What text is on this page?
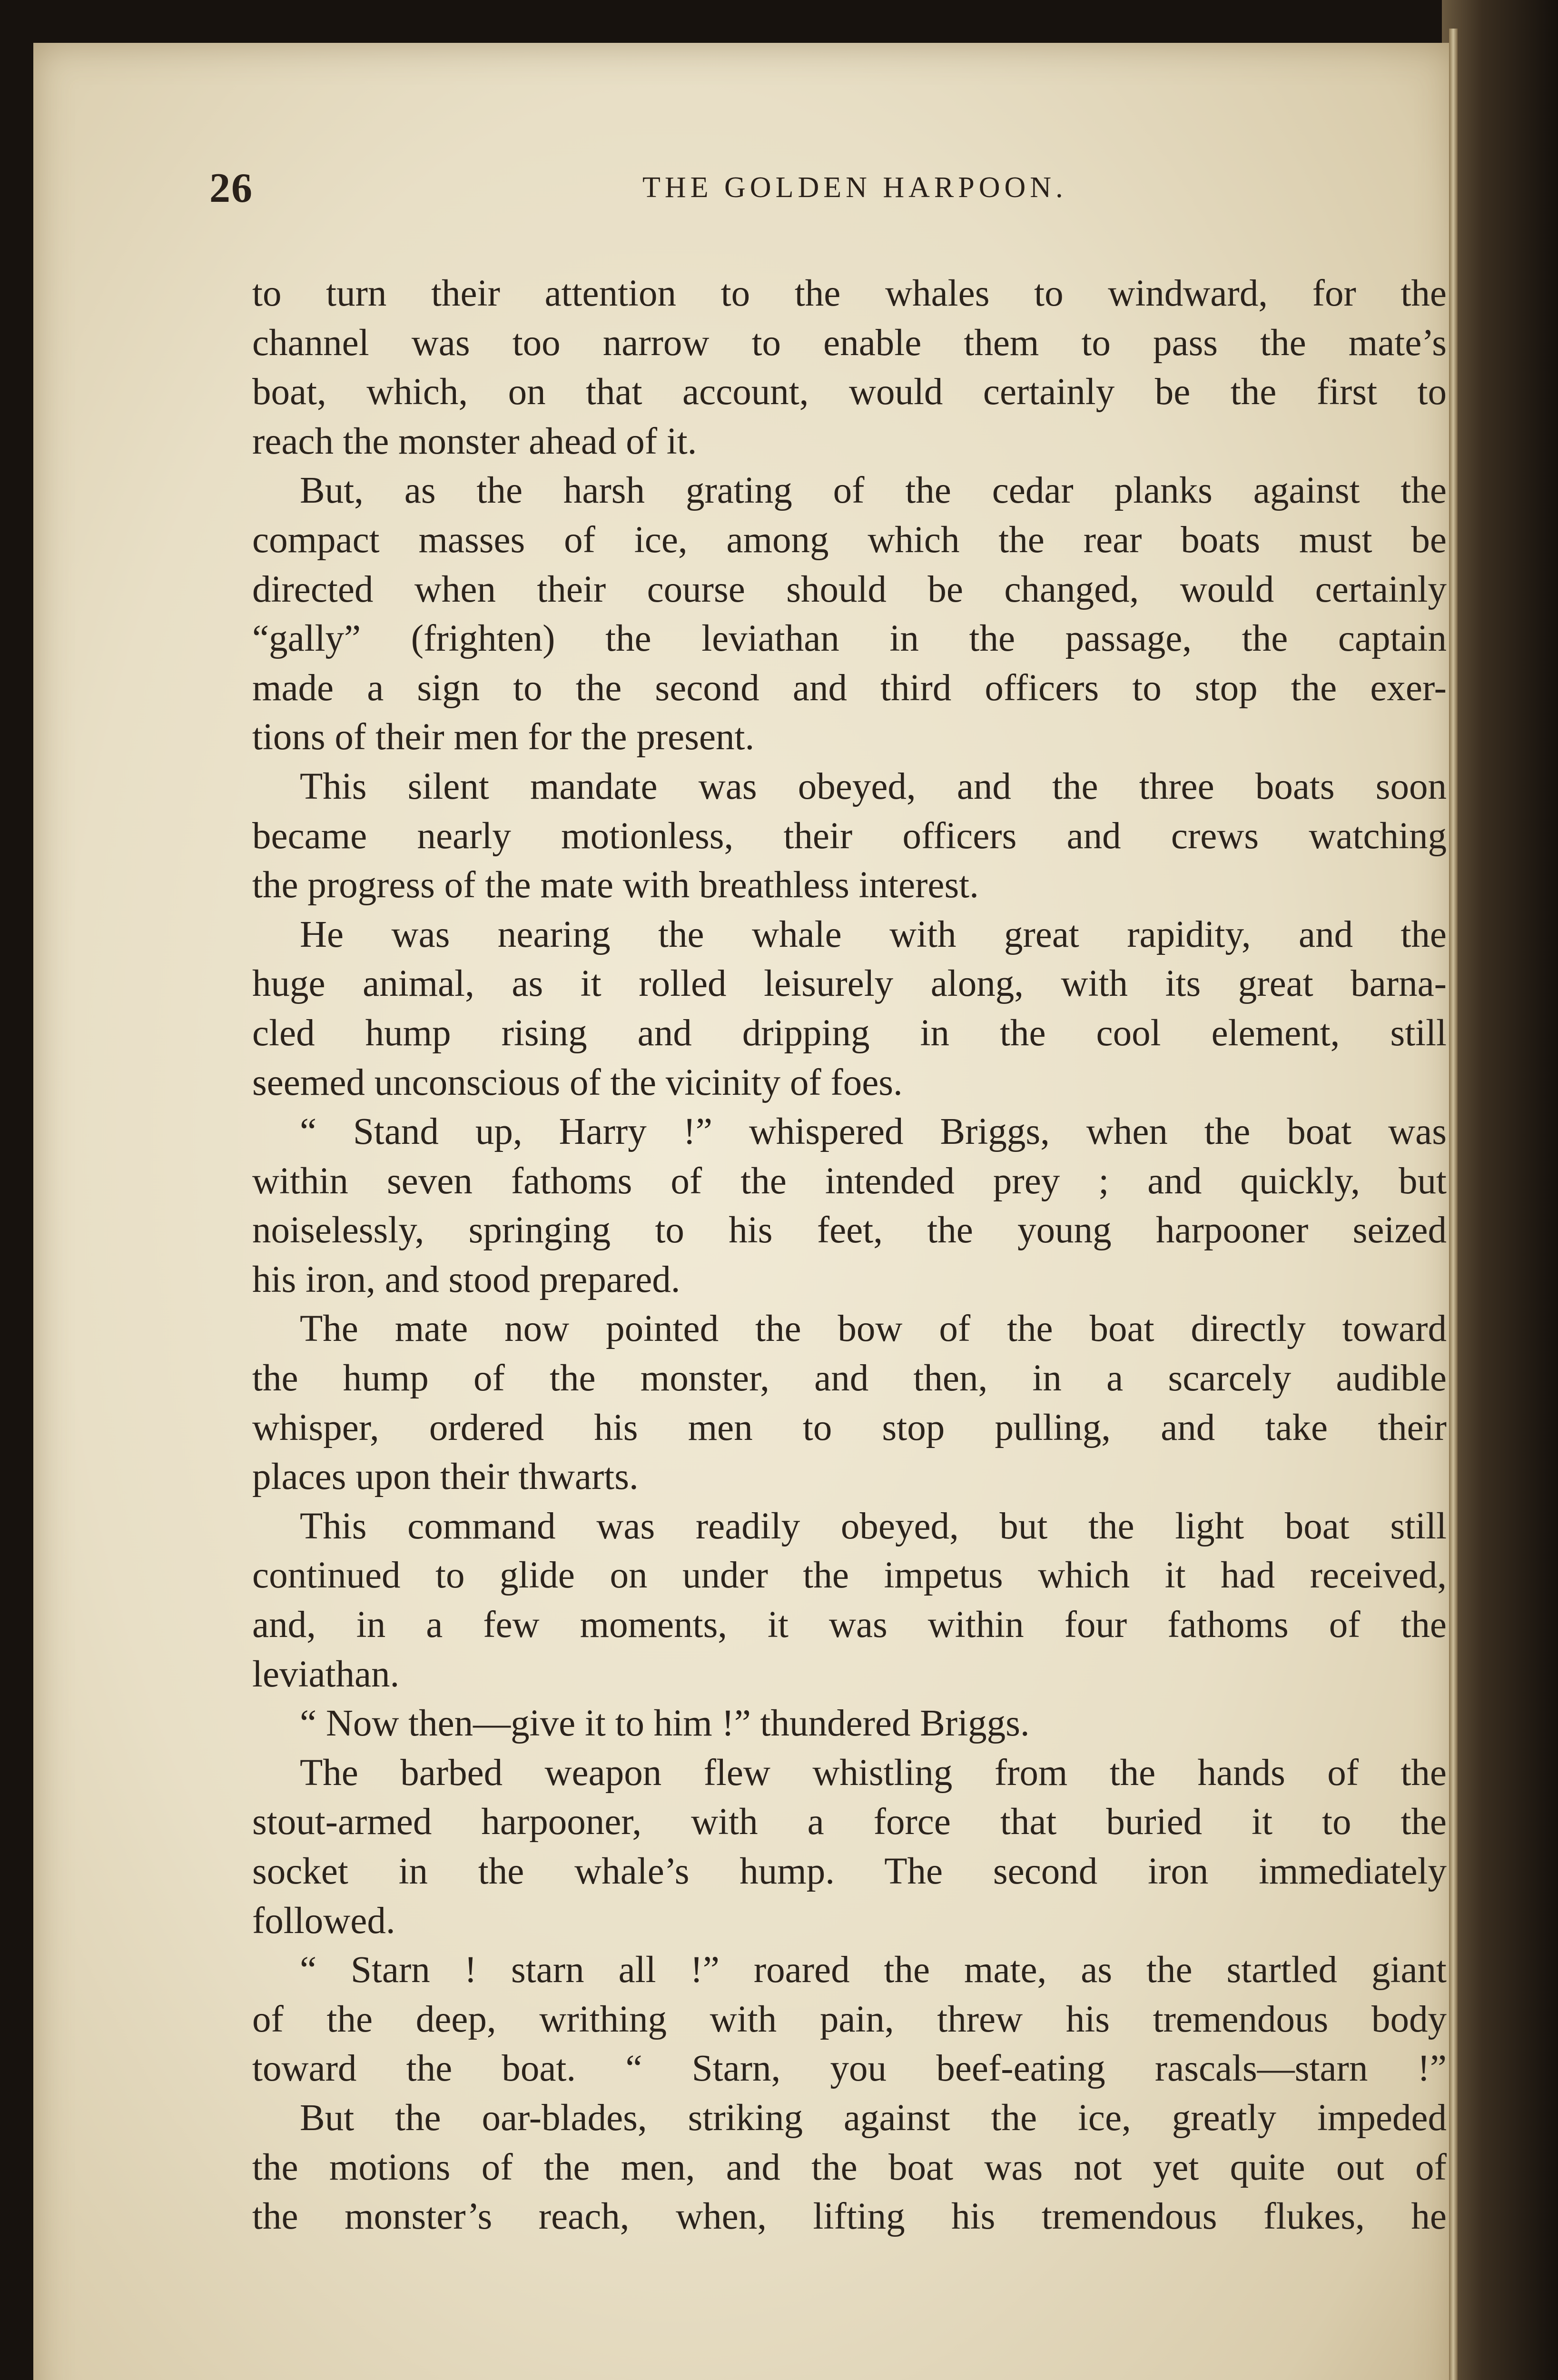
26	THE GOLDEN HARPOON.
to turn their attention to the whales to windward, for the
channel was too narrow to enable them to pass the mate’s
boat, which, on that account, would certainly be the first to
reach the monster ahead of it.
But, as the harsh grating of the cedar planks against the
compact masses of ice, among which the rear boats must be
directed when their course should be changed, would certainly
“gally” (frighten) the leviathan in the passage, the captain
made a sign to the second and third officers to stop the exer-
tions of their men for the present.
This silent mandate was obeyed, and the three boats soon
became nearly motionless, their officers and crews watching
the progress of the mate with breathless interest.
He was nearing the whale with great rapidity, and the
huge animal, as it rolled leisurely along, with its great barna-
cled hump rising and dripping in the cool element, still
seemed unconscious of the vicinity of foes.
“ Stand up, Harry !” whispered Briggs, when the boat was
within seven fathoms of the intended prey ; and quickly, but
noiselessly, springing to his feet, the young harpooner seized
his iron, and stood prepared.
The mate now pointed the bow of the boat directly toward
the hump of the monster, and then, in a scarcely audible
whisper, ordered his men to stop pulling, and take their
places upon their thwarts.
This command was readily obeyed, but the light boat still
continued to glide on under the impetus which it had received,
and, in a few moments, it was within four fathoms of the
leviathan.
“ Now then—give it to him !” thundered Briggs.
The barbed weapon flew whistling from the hands of the
stout-armed harpooner, with a force that buried it to the
socket in the whale’s hump. The second iron immediately
followed.
“ Starn ! starn all !” roared the mate, as the startled giant
of the deep, writhing with pain, threw his tremendous body
toward the boat. “ Starn, you beef-eating rascals—starn !”
But the oar-blades, striking against the ice, greatly impeded
the motions of the men, and the boat was not yet quite out of
the monster’s reach, when, lifting his tremendous flukes, he
